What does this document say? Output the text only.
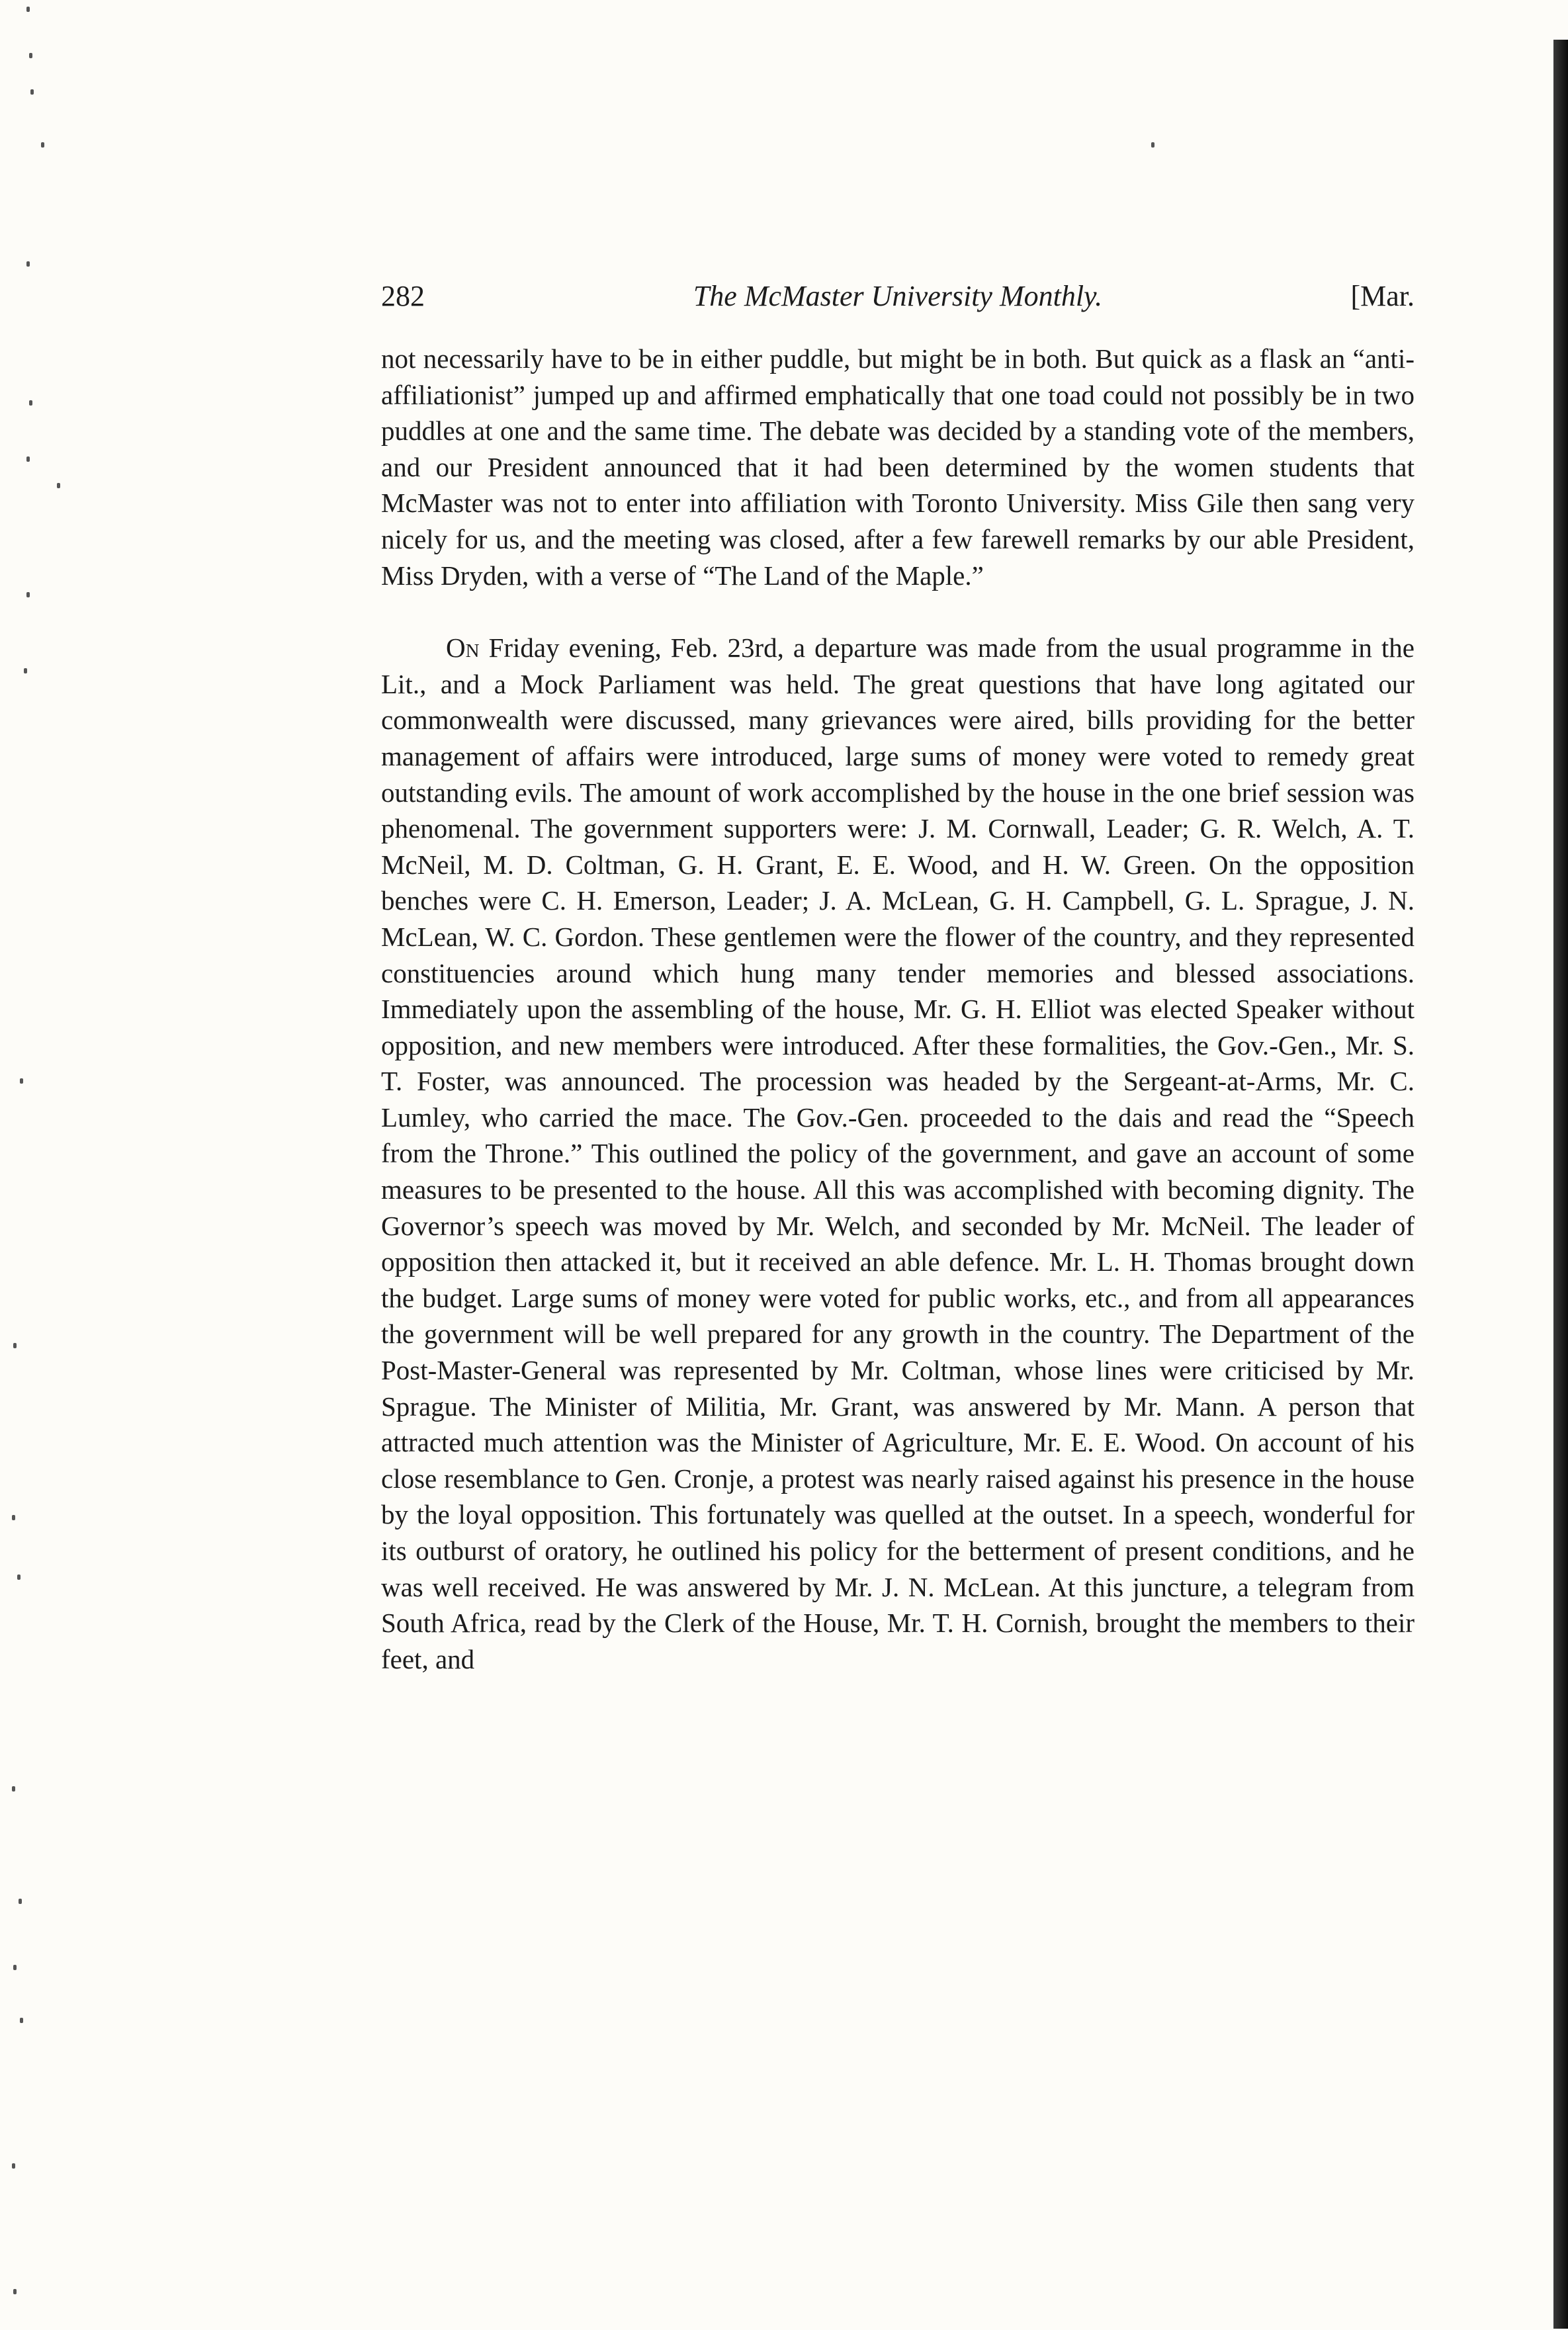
282	The McMaster University Monthly.	[Mar.

not necessarily have to be in either puddle, but might be in both. But quick as a flask an “anti-affiliationist” jumped up and affirmed emphatically that one toad could not possibly be in two puddles at one and the same time. The debate was decided by a standing vote of the members, and our President announced that it had been determined by the women students that McMaster was not to enter into affiliation with Toronto University. Miss Gile then sang very nicely for us, and the meeting was closed, after a few farewell remarks by our able President, Miss Dryden, with a verse of “The Land of the Maple.”

On Friday evening, Feb. 23rd, a departure was made from the usual programme in the Lit., and a Mock Parliament was held. The great questions that have long agitated our commonwealth were discussed, many grievances were aired, bills providing for the better management of affairs were introduced, large sums of money were voted to remedy great outstanding evils. The amount of work accomplished by the house in the one brief session was phenomenal. The government supporters were: J. M. Cornwall, Leader; G. R. Welch, A. T. McNeil, M. D. Coltman, G. H. Grant, E. E. Wood, and H. W. Green. On the opposition benches were C. H. Emerson, Leader; J. A. McLean, G. H. Campbell, G. L. Sprague, J. N. McLean, W. C. Gordon. These gentlemen were the flower of the country, and they represented constituencies around which hung many tender memories and blessed associations. Immediately upon the assembling of the house, Mr. G. H. Elliot was elected Speaker without opposition, and new members were introduced. After these formalities, the Gov.-Gen., Mr. S. T. Foster, was announced. The procession was headed by the Sergeant-at-Arms, Mr. C. Lumley, who carried the mace. The Gov.-Gen. proceeded to the dais and read the “Speech from the Throne.” This outlined the policy of the government, and gave an account of some measures to be presented to the house. All this was accomplished with becoming dignity. The Governor’s speech was moved by Mr. Welch, and seconded by Mr. McNeil. The leader of opposition then attacked it, but it received an able defence. Mr. L. H. Thomas brought down the budget. Large sums of money were voted for public works, etc., and from all appearances the government will be well prepared for any growth in the country. The Department of the Post-Master-General was represented by Mr. Coltman, whose lines were criticised by Mr. Sprague. The Minister of Militia, Mr. Grant, was answered by Mr. Mann. A person that attracted much attention was the Minister of Agriculture, Mr. E. E. Wood. On account of his close resemblance to Gen. Cronje, a protest was nearly raised against his presence in the house by the loyal opposition. This fortunately was quelled at the outset. In a speech, wonderful for its outburst of oratory, he outlined his policy for the betterment of present conditions, and he was well received. He was answered by Mr. J. N. McLean. At this juncture, a telegram from South Africa, read by the Clerk of the House, Mr. T. H. Cornish, brought the members to their feet, and
